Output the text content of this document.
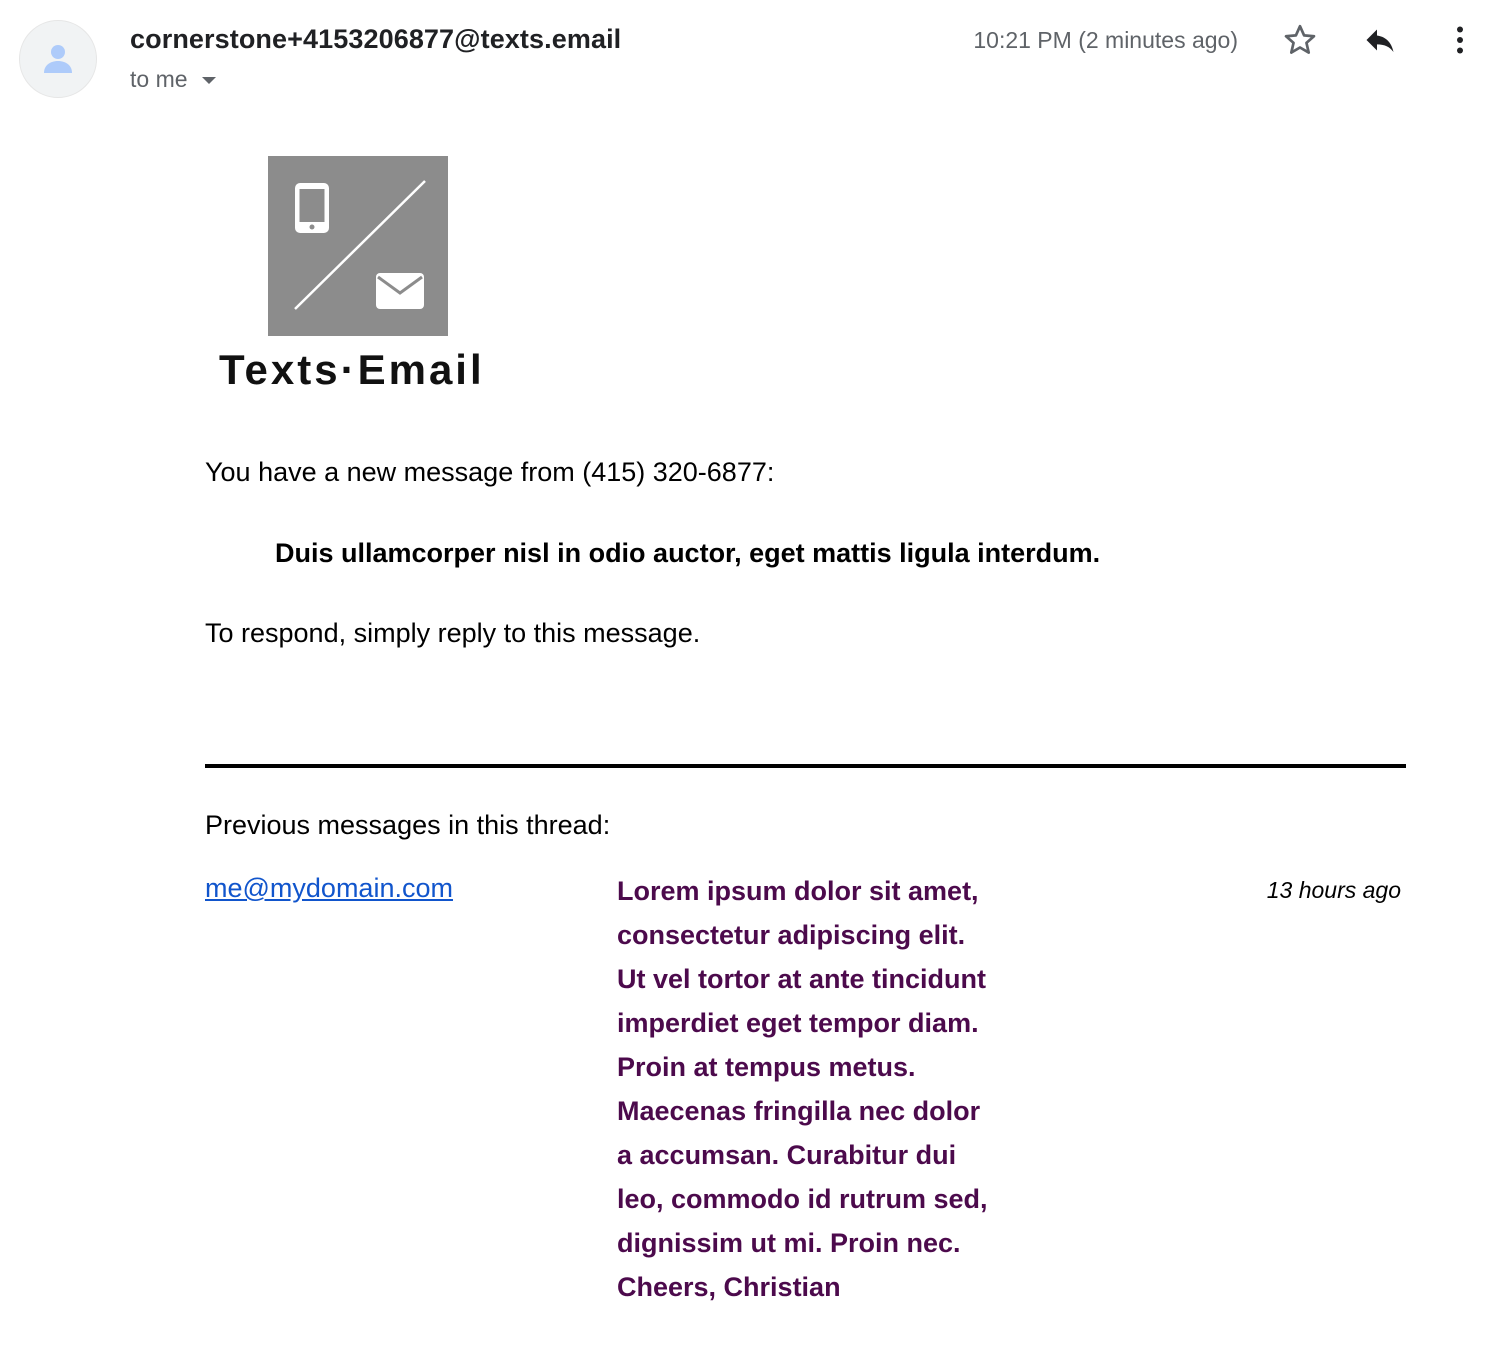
cornerstone+4153206877@texts.email
to me
10:21 PM (2 minutes ago)
Texts·Email
You have a new message from (415) 320-6877:
Duis ullamcorper nisl in odio auctor, eget mattis ligula interdum.
To respond, simply reply to this message.
Previous messages in this thread:
me@mydomain.com	Lorem ipsum dolor sit amet, consectetur adipiscing elit. Ut vel tortor at ante tincidunt imperdiet eget tempor diam. Proin at tempus metus. Maecenas fringilla nec dolor a accumsan. Curabitur dui leo, commodo id rutrum sed, dignissim ut mi. Proin nec. Cheers, Christian
13 hours ago
